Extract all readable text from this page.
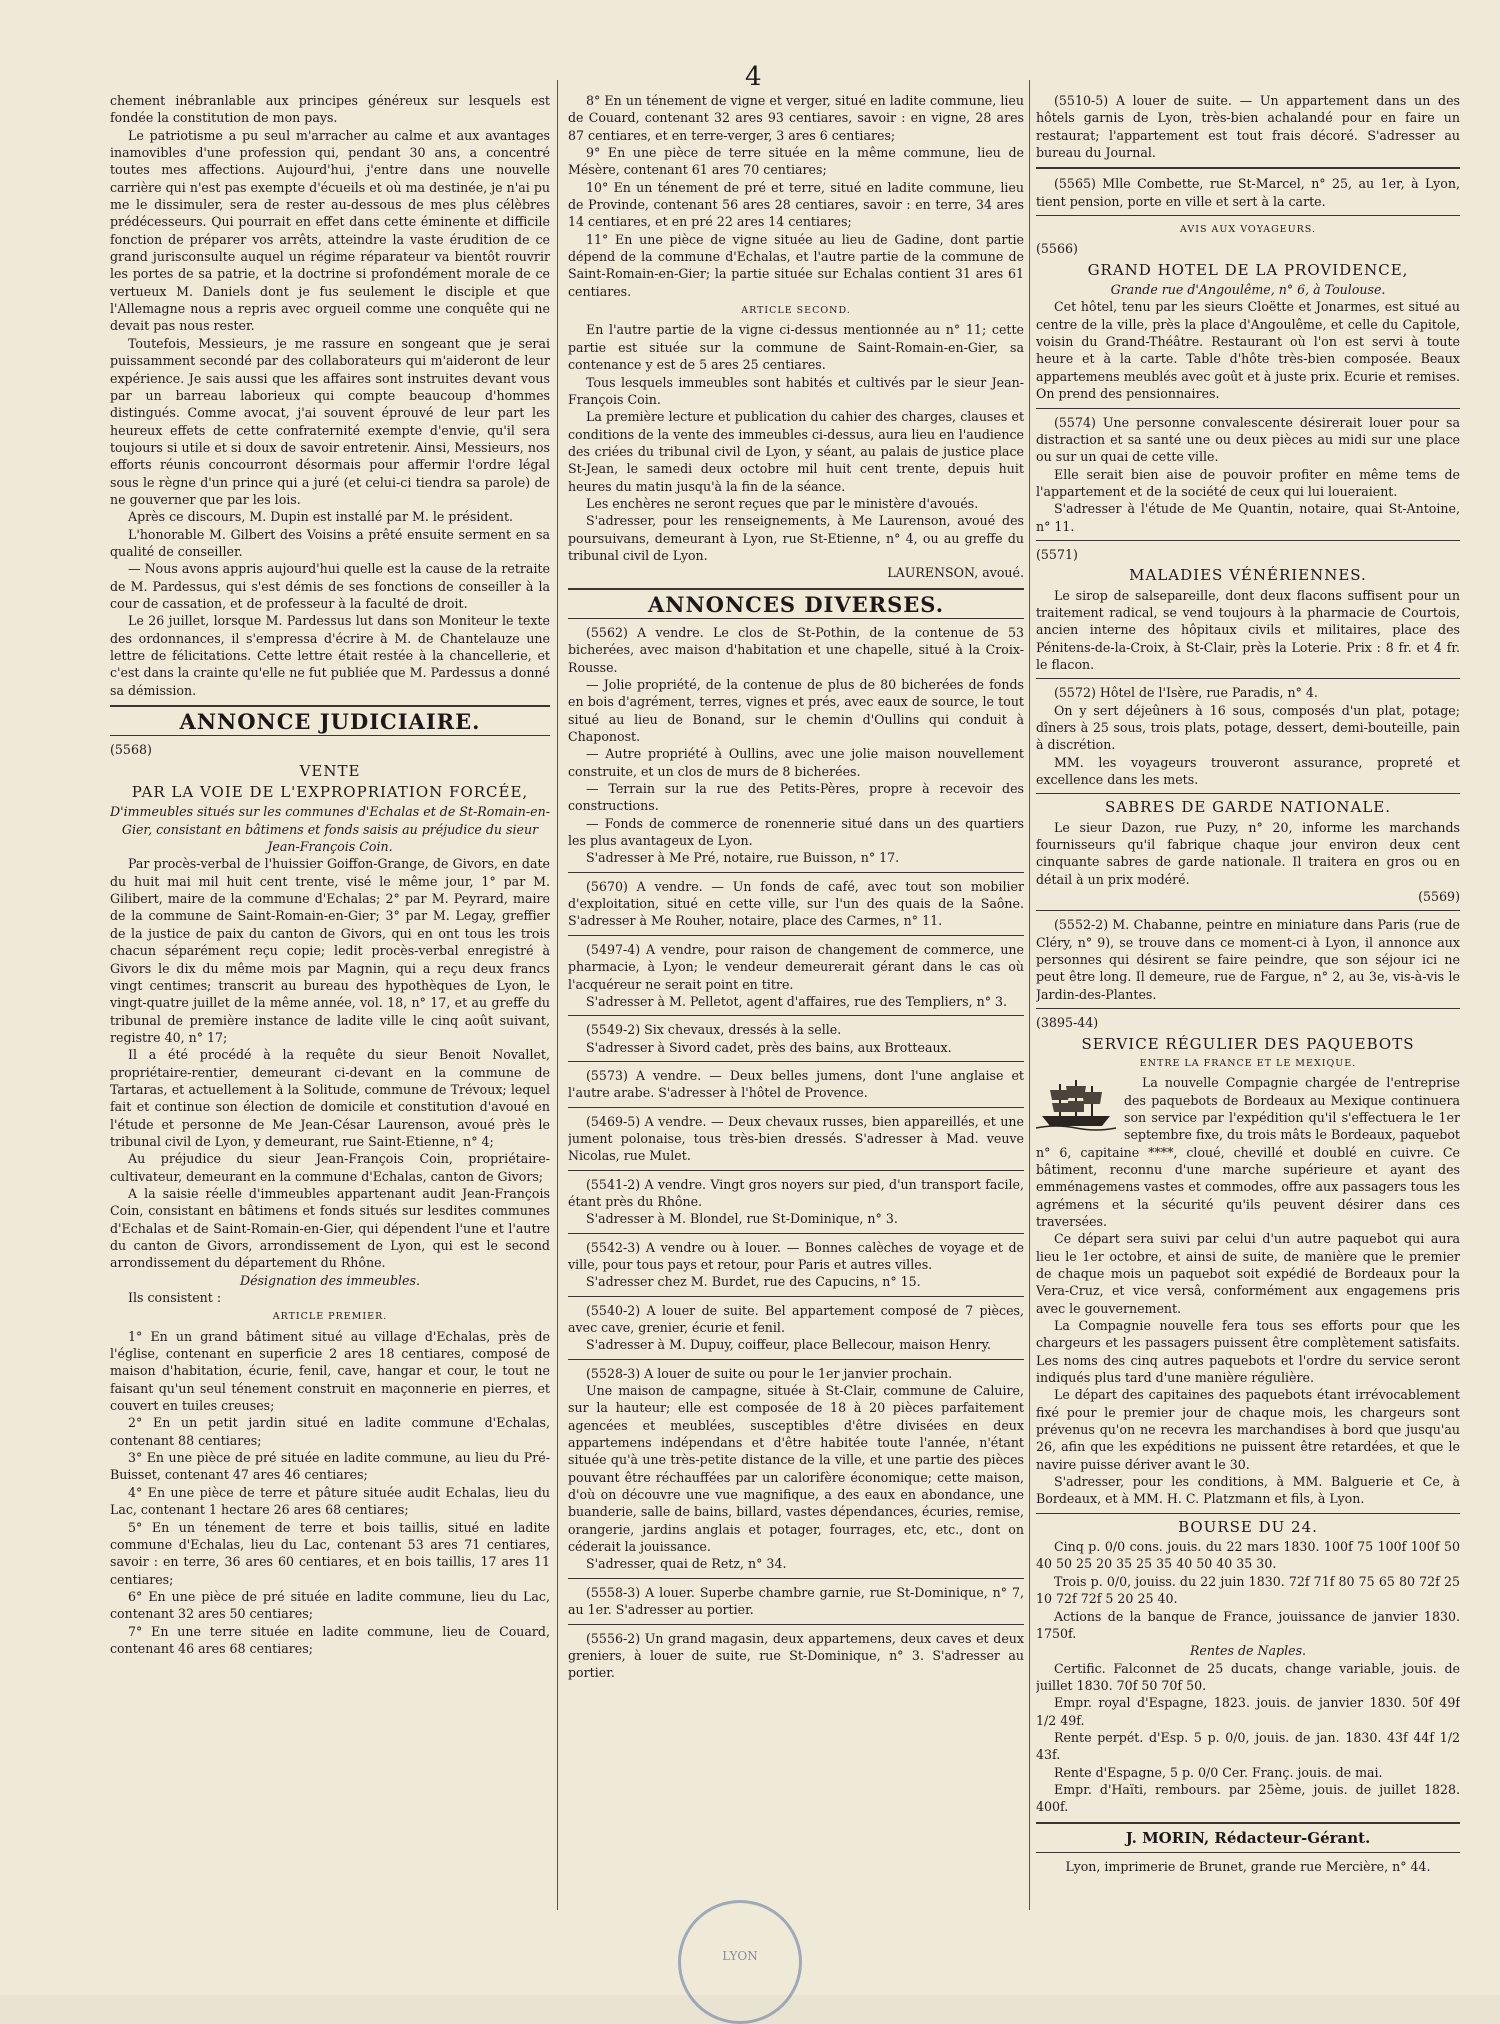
4

chement inébranlable aux principes généreux sur lesquels est fondée la constitution de mon pays.

Le patriotisme a pu seul m'arracher au calme et aux avantages inamovibles d'une profession qui, pendant 30 ans, a concentré toutes mes affections. Aujourd'hui, j'entre dans une nouvelle carrière qui n'est pas exempte d'écueils et où ma destinée, je n'ai pu me le dissimuler, sera de rester au-dessous de mes plus célèbres prédécesseurs. Qui pourrait en effet dans cette éminente et difficile fonction de préparer vos arrêts, atteindre la vaste érudition de ce grand jurisconsulte auquel un régime réparateur va bientôt rouvrir les portes de sa patrie, et la doctrine si profondément morale de ce vertueux M. Daniels dont je fus seulement le disciple et que l'Allemagne nous a repris avec orgueil comme une conquête qui ne devait pas nous rester.

Toutefois, Messieurs, je me rassure en songeant que je serai puissamment secondé par des collaborateurs qui m'aideront de leur expérience. Je sais aussi que les affaires sont instruites devant vous par un barreau laborieux qui compte beaucoup d'hommes distingués. Comme avocat, j'ai souvent éprouvé de leur part les heureux effets de cette confraternité exempte d'envie, qu'il sera toujours si utile et si doux de savoir entretenir. Ainsi, Messieurs, nos efforts réunis concourront désormais pour affermir l'ordre légal sous le règne d'un prince qui a juré (et celui-ci tiendra sa parole) de ne gouverner que par les lois.

Après ce discours, M. Dupin est installé par M. le président.

L'honorable M. Gilbert des Voisins a prêté ensuite serment en sa qualité de conseiller.

— Nous avons appris aujourd'hui quelle est la cause de la retraite de M. Pardessus, qui s'est démis de ses fonctions de conseiller à la cour de cassation, et de professeur à la faculté de droit.

Le 26 juillet, lorsque M. Pardessus lut dans son Moniteur le texte des ordonnances, il s'empressa d'écrire à M. de Chantelauze une lettre de félicitations. Cette lettre était restée à la chancellerie, et c'est dans la crainte qu'elle ne fut publiée que M. Pardessus a donné sa démission.

ANNONCE JUDICIAIRE.

(5568)

VENTE
PAR LA VOIE DE L'EXPROPRIATION FORCÉE,

D'immeubles situés sur les communes d'Echalas et de St-Romain-en-Gier, consistant en bâtimens et fonds saisis au préjudice du sieur Jean-François Coin.

Par procès-verbal de l'huissier Goiffon-Grange, de Givors, en date du huit mai mil huit cent trente, visé le même jour, 1° par M. Gilibert, maire de la commune d'Echalas; 2° par M. Peyrard, maire de la commune de Saint-Romain-en-Gier; 3° par M. Legay, greffier de la justice de paix du canton de Givors, qui en ont tous les trois chacun séparément reçu copie; ledit procès-verbal enregistré à Givors le dix du même mois par Magnin, qui a reçu deux francs vingt centimes; transcrit au bureau des hypothèques de Lyon, le vingt-quatre juillet de la même année, vol. 18, n° 17, et au greffe du tribunal de première instance de ladite ville le cinq août suivant, registre 40, n° 17;

Il a été procédé à la requête du sieur Benoit Novallet, propriétaire-rentier, demeurant ci-devant en la commune de Tartaras, et actuellement à la Solitude, commune de Trévoux; lequel fait et continue son élection de domicile et constitution d'avoué en l'étude et personne de Me Jean-César Laurenson, avoué près le tribunal civil de Lyon, y demeurant, rue Saint-Etienne, n° 4;

Au préjudice du sieur Jean-François Coin, propriétaire-cultivateur, demeurant en la commune d'Echalas, canton de Givors;

A la saisie réelle d'immeubles appartenant audit Jean-François Coin, consistant en bâtimens et fonds situés sur lesdites communes d'Echalas et de Saint-Romain-en-Gier, qui dépendent l'une et l'autre du canton de Givors, arrondissement de Lyon, qui est le second arrondissement du département du Rhône.

Désignation des immeubles.

Ils consistent :

ARTICLE PREMIER.

1° En un grand bâtiment situé au village d'Echalas, près de l'église, contenant en superficie 2 ares 18 centiares, composé de maison d'habitation, écurie, fenil, cave, hangar et cour, le tout ne faisant qu'un seul ténement construit en maçonnerie en pierres, et couvert en tuiles creuses;

2° En un petit jardin situé en ladite commune d'Echalas, contenant 88 centiares;

3° En une pièce de pré située en ladite commune, au lieu du Pré-Buisset, contenant 47 ares 46 centiares;

4° En une pièce de terre et pâture située audit Echalas, lieu du Lac, contenant 1 hectare 26 ares 68 centiares;

5° En un ténement de terre et bois taillis, situé en ladite commune d'Echalas, lieu du Lac, contenant 53 ares 71 centiares, savoir : en terre, 36 ares 60 centiares, et en bois taillis, 17 ares 11 centiares;

6° En une pièce de pré située en ladite commune, lieu du Lac, contenant 32 ares 50 centiares;

7° En une terre située en ladite commune, lieu de Couard, contenant 46 ares 68 centiares;

8° En un ténement de vigne et verger, situé en ladite commune, lieu de Couard, contenant 32 ares 93 centiares, savoir : en vigne, 28 ares 87 centiares, et en terre-verger, 3 ares 6 centiares;

9° En une pièce de terre située en la même commune, lieu de Mésère, contenant 61 ares 70 centiares;

10° En un ténement de pré et terre, situé en ladite commune, lieu de Provinde, contenant 56 ares 28 centiares, savoir : en terre, 34 ares 14 centiares, et en pré 22 ares 14 centiares;

11° En une pièce de vigne située au lieu de Gadine, dont partie dépend de la commune d'Echalas, et l'autre partie de la commune de Saint-Romain-en-Gier; la partie située sur Echalas contient 31 ares 61 centiares.

ARTICLE SECOND.

En l'autre partie de la vigne ci-dessus mentionnée au n° 11; cette partie est située sur la commune de Saint-Romain-en-Gier, sa contenance y est de 5 ares 25 centiares.

Tous lesquels immeubles sont habités et cultivés par le sieur Jean-François Coin.

La première lecture et publication du cahier des charges, clauses et conditions de la vente des immeubles ci-dessus, aura lieu en l'audience des criées du tribunal civil de Lyon, y séant, au palais de justice place St-Jean, le samedi deux octobre mil huit cent trente, depuis huit heures du matin jusqu'à la fin de la séance.

Les enchères ne seront reçues que par le ministère d'avoués.

S'adresser, pour les renseignements, à Me Laurenson, avoué des poursuivans, demeurant à Lyon, rue St-Etienne, n° 4, ou au greffe du tribunal civil de Lyon.

LAURENSON, avoué.

ANNONCES DIVERSES.

(5562) A vendre. Le clos de St-Pothin, de la contenue de 53 bicherées, avec maison d'habitation et une chapelle, situé à la Croix-Rousse.

— Jolie propriété, de la contenue de plus de 80 bicherées de fonds en bois d'agrément, terres, vignes et prés, avec eaux de source, le tout situé au lieu de Bonand, sur le chemin d'Oullins qui conduit à Chaponost.

— Autre propriété à Oullins, avec une jolie maison nouvellement construite, et un clos de murs de 8 bicherées.

— Terrain sur la rue des Petits-Pères, propre à recevoir des constructions.

— Fonds de commerce de ronennerie situé dans un des quartiers les plus avantageux de Lyon.

S'adresser à Me Pré, notaire, rue Buisson, n° 17.

(5670) A vendre. — Un fonds de café, avec tout son mobilier d'exploitation, situé en cette ville, sur l'un des quais de la Saône. S'adresser à Me Rouher, notaire, place des Carmes, n° 11.

(5497-4) A vendre, pour raison de changement de commerce, une pharmacie, à Lyon; le vendeur demeurerait gérant dans le cas où l'acquéreur ne serait point en titre.

S'adresser à M. Pelletot, agent d'affaires, rue des Templiers, n° 3.

(5549-2) Six chevaux, dressés à la selle.

S'adresser à Sivord cadet, près des bains, aux Brotteaux.

(5573) A vendre. — Deux belles jumens, dont l'une anglaise et l'autre arabe. S'adresser à l'hôtel de Provence.

(5469-5) A vendre. — Deux chevaux russes, bien appareillés, et une jument polonaise, tous très-bien dressés. S'adresser à Mad. veuve Nicolas, rue Mulet.

(5541-2) A vendre. Vingt gros noyers sur pied, d'un transport facile, étant près du Rhône.

S'adresser à M. Blondel, rue St-Dominique, n° 3.

(5542-3) A vendre ou à louer. — Bonnes calèches de voyage et de ville, pour tous pays et retour, pour Paris et autres villes.

S'adresser chez M. Burdet, rue des Capucins, n° 15.

(5540-2) A louer de suite. Bel appartement composé de 7 pièces, avec cave, grenier, écurie et fenil.

S'adresser à M. Dupuy, coiffeur, place Bellecour, maison Henry.

(5528-3) A louer de suite ou pour le 1er janvier prochain.

Une maison de campagne, située à St-Clair, commune de Caluire, sur la hauteur; elle est composée de 18 à 20 pièces parfaitement agencées et meublées, susceptibles d'être divisées en deux appartemens indépendans et d'être habitée toute l'année, n'étant située qu'à une très-petite distance de la ville, et une partie des pièces pouvant être réchauffées par un calorifère économique; cette maison, d'où on découvre une vue magnifique, a des eaux en abondance, une buanderie, salle de bains, billard, vastes dépendances, écuries, remise, orangerie, jardins anglais et potager, fourrages, etc, etc., dont on céderait la jouissance.

S'adresser, quai de Retz, n° 34.

(5558-3) A louer. Superbe chambre garnie, rue St-Dominique, n° 7, au 1er. S'adresser au portier.

(5556-2) Un grand magasin, deux appartemens, deux caves et deux greniers, à louer de suite, rue St-Dominique, n° 3. S'adresser au portier.

(5510-5) A louer de suite. — Un appartement dans un des hôtels garnis de Lyon, très-bien achalandé pour en faire un restaurat; l'appartement est tout frais décoré. S'adresser au bureau du Journal.

(5565) Mlle Combette, rue St-Marcel, n° 25, au 1er, à Lyon, tient pension, porte en ville et sert à la carte.

AVIS AUX VOYAGEURS.

(5566)

GRAND HOTEL DE LA PROVIDENCE,

Grande rue d'Angoulême, n° 6, à Toulouse.

Cet hôtel, tenu par les sieurs Cloëtte et Jonarmes, est situé au centre de la ville, près la place d'Angoulême, et celle du Capitole, voisin du Grand-Théâtre. Restaurant où l'on est servi à toute heure et à la carte. Table d'hôte très-bien composée. Beaux appartemens meublés avec goût et à juste prix. Ecurie et remises. On prend des pensionnaires.

(5574) Une personne convalescente désirerait louer pour sa distraction et sa santé une ou deux pièces au midi sur une place ou sur un quai de cette ville.

Elle serait bien aise de pouvoir profiter en même tems de l'appartement et de la société de ceux qui lui loueraient.

S'adresser à l'étude de Me Quantin, notaire, quai St-Antoine, n° 11.

(5571)

MALADIES VÉNÉRIENNES.

Le sirop de salsepareille, dont deux flacons suffisent pour un traitement radical, se vend toujours à la pharmacie de Courtois, ancien interne des hôpitaux civils et militaires, place des Pénitens-de-la-Croix, à St-Clair, près la Loterie. Prix : 8 fr. et 4 fr. le flacon.

(5572) Hôtel de l'Isère, rue Paradis, n° 4.

On y sert déjeûners à 16 sous, composés d'un plat, potage; dîners à 25 sous, trois plats, potage, dessert, demi-bouteille, pain à discrétion.

MM. les voyageurs trouveront assurance, propreté et excellence dans les mets.

SABRES DE GARDE NATIONALE.

Le sieur Dazon, rue Puzy, n° 20, informe les marchands fournisseurs qu'il fabrique chaque jour environ deux cent cinquante sabres de garde nationale. Il traitera en gros ou en détail à un prix modéré.

(5569)

(5552-2) M. Chabanne, peintre en miniature dans Paris (rue de Cléry, n° 9), se trouve dans ce moment-ci à Lyon, il annonce aux personnes qui désirent se faire peindre, que son séjour ici ne peut être long. Il demeure, rue de Fargue, n° 2, au 3e, vis-à-vis le Jardin-des-Plantes.

(3895-44)

SERVICE RÉGULIER DES PAQUEBOTS
ENTRE LA FRANCE ET LE MEXIQUE.

La nouvelle Compagnie chargée de l'entreprise des paquebots de Bordeaux au Mexique continuera son service par l'expédition qu'il s'effectuera le 1er septembre fixe, du trois mâts le Bordeaux, paquebot n° 6, capitaine ****, cloué, chevillé et doublé en cuivre. Ce bâtiment, reconnu d'une marche supérieure et ayant des emménagemens vastes et commodes, offre aux passagers tous les agrémens et la sécurité qu'ils peuvent désirer dans ces traversées.

Ce départ sera suivi par celui d'un autre paquebot qui aura lieu le 1er octobre, et ainsi de suite, de manière que le premier de chaque mois un paquebot soit expédié de Bordeaux pour la Vera-Cruz, et vice versâ, conformément aux engagemens pris avec le gouvernement.

La Compagnie nouvelle fera tous ses efforts pour que les chargeurs et les passagers puissent être complètement satisfaits. Les noms des cinq autres paquebots et l'ordre du service seront indiqués plus tard d'une manière régulière.

Le départ des capitaines des paquebots étant irrévocablement fixé pour le premier jour de chaque mois, les chargeurs sont prévenus qu'on ne recevra les marchandises à bord que jusqu'au 26, afin que les expéditions ne puissent être retardées, et que le navire puisse dériver avant le 30.

S'adresser, pour les conditions, à MM. Balguerie et Ce, à Bordeaux, et à MM. H. C. Platzmann et fils, à Lyon.

BOURSE DU 24.

Cinq p. 0/0 cons. jouis. du 22 mars 1830. 100f 75 100f 100f 50 40 50 25 20 35 25 35 40 50 40 35 30.

Trois p. 0/0, jouiss. du 22 juin 1830. 72f 71f 80 75 65 80 72f 25 10 72f 72f 5 20 25 40.

Actions de la banque de France, jouissance de janvier 1830. 1750f.

Rentes de Naples.

Certific. Falconnet de 25 ducats, change variable, jouis. de juillet 1830. 70f 50 70f 50.

Empr. royal d'Espagne, 1823. jouis. de janvier 1830. 50f 49f 1/2 49f.

Rente perpét. d'Esp. 5 p. 0/0, jouis. de jan. 1830. 43f 44f 1/2 43f.

Rente d'Espagne, 5 p. 0/0 Cer. Franç. jouis. de mai.

Empr. d'Haïti, rembours. par 25ème, jouis. de juillet 1828. 400f.

J. MORIN, Rédacteur-Gérant.

Lyon, imprimerie de Brunet, grande rue Mercière, n° 44.

LYON
